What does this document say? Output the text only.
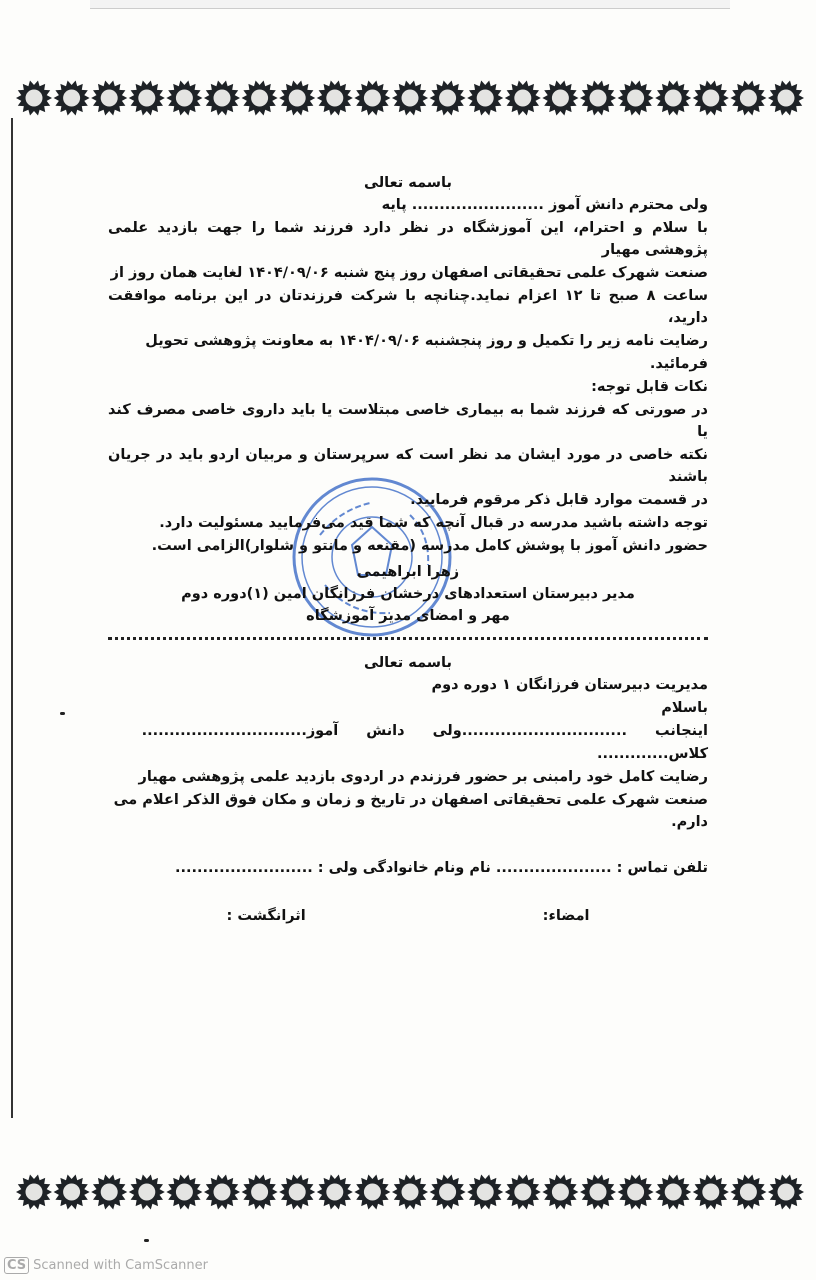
باسمه تعالی
ولی محترم دانش آموز ........................ پایه
با سلام و احترام، این آموزشگاه در نظر دارد فرزند شما را جهت بازدید علمی پژوهشی مهیار
صنعت شهرک علمی تحقیقاتی اصفهان روز پنج شنبه ۱۴۰۴/۰۹/۰۶ لغایت همان روز از
ساعت ۸ صبح تا ۱۲ اعزام نماید.چنانچه با شرکت فرزندتان در این برنامه موافقت دارید،
رضایت نامه زیر را تکمیل و روز پنجشنبه ۱۴۰۴/۰۹/۰۶ به معاونت پژوهشی تحویل
فرمائید.
نکات قابل توجه:
در صورتی که فرزند شما به بیماری خاصی مبتلاست یا باید داروی خاصی مصرف کند یا
نکته خاصی در مورد ایشان مد نظر است که سرپرستان و مربیان اردو باید در جریان باشند
در قسمت موارد قابل ذکر مرقوم فرمایید.
توجه داشته باشید مدرسه در قبال آنچه که شما قید می‌فرمایید مسئولیت دارد.
حضور دانش آموز با پوشش کامل مدرسه (مقنعه و مانتو و شلوار)الزامی است.
زهرا ابراهیمی
مدیر دبیرستان استعدادهای درخشان فرزانگان امین (۱)دوره دوم
مهر و امضای مدیر آموزشگاه
باسمه تعالی
مدیریت دبیرستان فرزانگان ۱ دوره دوم
باسلام
اینجانب
..............................ولی
دانش
آموز..............................
کلاس.............
رضایت کامل خود رامبنی بر حضور فرزندم در اردوی بازدید علمی پژوهشی مهیار
صنعت شهرک علمی تحقیقاتی اصفهان در تاریخ و زمان و مکان فوق الذکر اعلام می دارم.
تلفن تماس : ..................... نام ونام خانوادگی ولی : .........................
امضاء:
اثرانگشت :
CS Scanned with CamScanner
